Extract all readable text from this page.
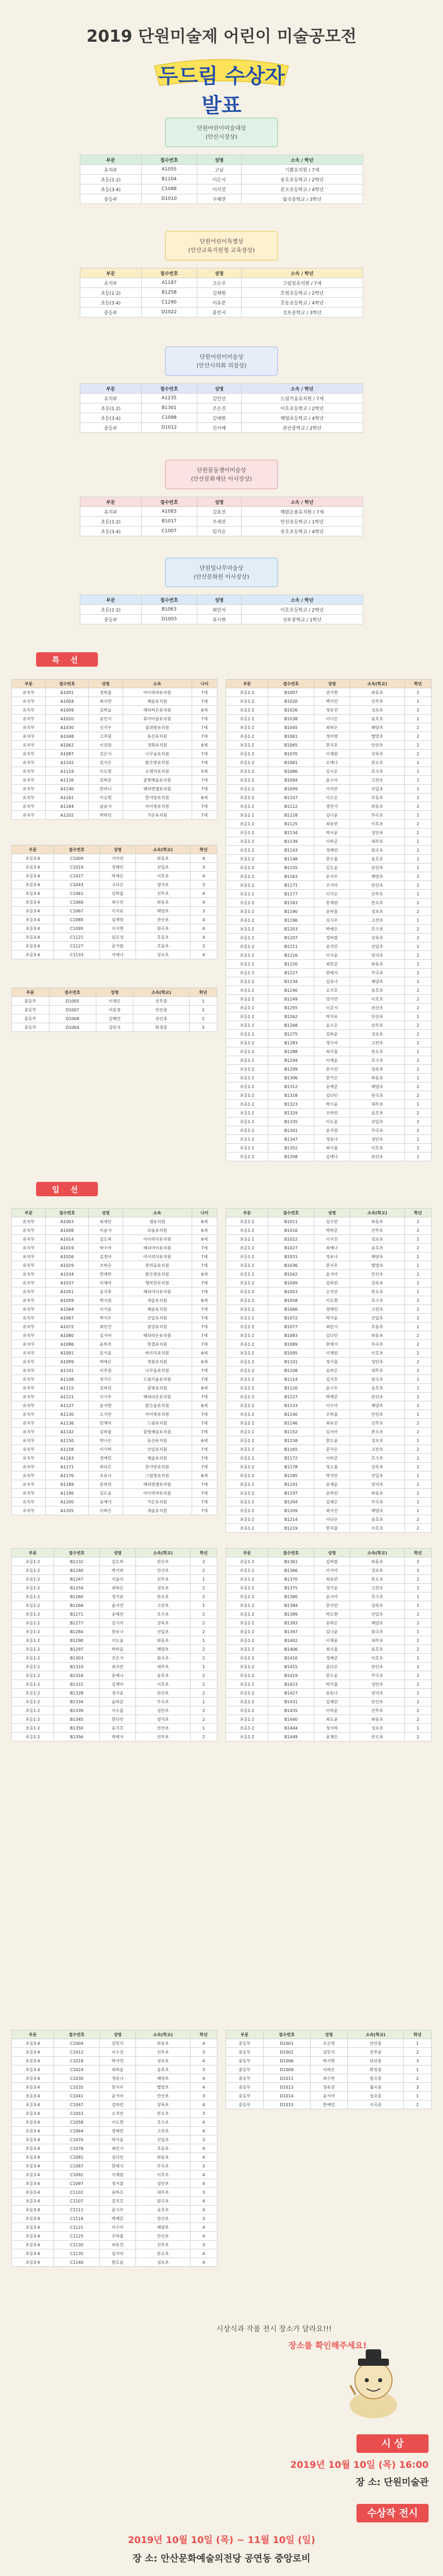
2019 단원미술제 어린이 미술공모전
두드림 수상자 발표
단원어린이미술대상
(안산시장상)
부문	접수번호	성명	소속 / 학년
유치부	A1055	고남	기쁨유치원 / 7세
초등(1·2)	B1104	이은서	송호초등학교 / 2학년
초등(3·4)	C1088	이서진	본오초등학교 / 4학년
중등부	D1010	구해연	월곡중학교 / 3학년
단원어린이특별상
(안산교육지원청 교육장상)
부문	접수번호	성명	소속 / 학년
유치부	A1187	고은주	그림빛유치원 / 7세
초등(1·2)	B1258	김채원	호원초등학교 / 2학년
초등(3·4)	C1290	이유준	호동초등학교 / 4학년
중등부	D1022	홍빈서	성포중학교 / 3학년
단원어린이미술상
(안산시의회 의장상)
부문	접수번호	성명	소속 / 학년
유치부	A1235	김민선	드림키움유치원 / 7세
초등(1·2)	B1301	조은진	이호초등학교 / 2학년
초등(3·4)	C1098	김예원	해양초등학교 / 4학년
중등부	D1012	진서예	관산중학교 / 2학년
단원꿈돌쟁이미술상
(안산문화재단 이사장상)
부문	접수번호	성명	소속 / 학년
유치부	A1083	김효진	해맑은솔유치원 / 7세
초등(1·2)	B1017	주세린	안산초등학교 / 1학년
초등(3·4)	C1007	임지은	송호초등학교 / 4학년
단원밀나무미술상
(안산문화원 이사장상)
부문	접수번호	성명	소속 / 학년
초등(1·2)	B1063	최민서	이호초등학교 / 2학년
중등부	D1003	류시현	선부중학교 / 1학년
특 선
부문	접수번호	성명	소속	나이
유치부	A1001	정하율	아이리버유치원	7세
유치부	A1004	최서연	해솔유치원	7세
유치부	A1009	김하늘	해피하은유치원	6세
유치부	A1020	송민지	휴미아꿈유치원	7세
유치부	A1030	신지우	꿈과빛유치원	7세
유치부	A1048	고주원	동산유치원	7세
유치부	A1062	이진원	정화유치원	6세
유치부	A1087	김은서	나무숲유치원	7세
유치부	A1102	김지은	밝은빛유치원	7세
유치부	A1119	이도현	오렌지유치원	5세
유치부	A1126	김하준	꿈빛해솔유치원	7세
유치부	A1140	한라니	해피엔젤유치원	7세
유치부	A1161	이승현	한사랑유치원	6세
유치부	A1184	남윤서	아이빛유치원	7세
유치부	A1202	박하린	가온유치원	7세
부문	접수번호	성명	소속(학교)	학년
초등3·4	C1009	서아린	와동초	4
초등3·4	C1019	정해인	선일초	3
초등3·4	C1027	박채은	이호초	4
초등3·4	C1043	고다은	양지초	3
초등3·4	C1061	김하율	선부초	4
초등3·4	C1066	최수인	와동초	4
초등3·4	C1067	이지유	해양초	3
초등3·4	C1085	김채원	관산초	4
초등3·4	C1095	이서현	원곡초	4
초등3·4	C1121	임은성	호동초	4
초등3·4	C1127	문가람	호동초	3
초등3·4	C1133	이예나	성포초	4
부문	접수번호	성명	소속(학교)	학년
중등부	D1005	이재은	선부중	1
중등부	D1007	이효경	안산중	2
중등부	D1008	김혜인	관산중	1
중등부	D1004	강민지	화정중	3
부문	접수번호	성명	소속(학교)	학년
초등1·2	B1007	권서현	와동초	2
초등1·2	B1020	백지민	선부초	1
초등1·2	B1026	정유진	성포초	2
초등1·2	B1038	이나은	송호초	1
초등1·2	B1045	최하은	해양초	2
초등1·2	B1061	정아영	별망초	2
초등1·2	B1065	한지후	안산초	1
초등1·2	B1070	이재원	상록초	2
초등1·2	B1081	오예나	본오초	2
초등1·2	B1086	김시온	호수초	1
초등1·2	B1094	윤수아	고잔초	2
초등1·2	B1099	서지안	선일초	1
초등1·2	B1107	이소은	호동초	2
초등1·2	B1112	장민서	와동초	2
초등1·2	B1118	김나윤	부곡초	1
초등1·2	B1125	최유빈	이호초	2
초등1·2	B1134	박서윤	성안초	2
초등1·2	B1139	이하준	대부초	1
초등1·2	B1143	정예린	원곡초	2
초등1·2	B1148	한소율	송호초	2
초등1·2	B1155	김도윤	관산초	1
초등1·2	B1163	문지우	해양초	2
초등1·2	B1171	조서아	안산초	2
초등1·2	B1177	이가은	선부초	1
초등1·2	B1183	홍채원	본오초	2
초등1·2	B1190	윤하율	성포초	2
초등1·2	B1196	김시우	고잔초	1
초등1·2	B1203	박예은	호수초	2
초등1·2	B1207	정하람	상록초	2
초등1·2	B1211	송지안	선일초	1
초등1·2	B1216	이서윤	양지초	2
초등1·2	B1220	최민준	와동초	2
초등1·2	B1227	한예서	부곡초	2
초등1·2	B1234	김유나	해양초	1
초등1·2	B1240	오지호	송호초	2
초등1·2	B1249	장서연	이호초	2
초등1·2	B1255	이준서	관산초	2
초등1·2	B1262	박지유	안산초	1
초등1·2	B1268	윤소은	선부초	2
초등1·2	B1275	김하윤	성포초	2
초등1·2	B1283	정수아	고잔초	2
초등1·2	B1288	최지율	본오초	1
초등1·2	B1294	이채윤	호수초	2
초등1·2	B1299	문서진	상록초	2
초등1·2	B1306	한가은	와동초	1
초등1·2	B1312	송예준	해양초	2
초등1·2	B1318	김다인	원곡초	2
초등1·2	B1323	박시윤	대부초	1
초등1·2	B1329	조하린	송호초	2
초등1·2	B1335	이도윤	선일초	2
초등1·2	B1341	윤지원	부곡초	2
초등1·2	B1347	정유나	성안초	1
초등1·2	B1352	최서율	이호초	2
초등1·2	B1358	김예나	관산초	2
입 선
부문	접수번호	성명	소속	나이
유치부	A1003	최채린	샘유치원	6세
유치부	A1008	이윤서	다솜유치원	6세
유치부	A1014	김도하	아이리더유치원	6세
유치부	A1019	박수아	해피아이유치원	7세
유치부	A1026	김정아	아이리더유치원	7세
유치부	A1029	조하은	꽃마을유치원	7세
유치부	A1034	한예빈	밝은빛유치원	6세
유치부	A1037	이채아	행복한유치원	7세
유치부	A1051	송지후	해피아이유치원	7세
유치부	A1059	박지원	새솔유치원	6세
유치부	A1064	이서윤	해솔유치원	7세
유치부	A1067	박지우	선일유치원	7세
유치부	A1072	최민건	중앙유치원	7세
유치부	A1080	김서아	해피라온유치원	7세
유치부	A1086	윤하진	한결유치원	7세
유치부	A1091	문서윤	바르미유치원	6세
유치부	A1099	박예은	정원유치원	6세
유치부	A1101	이주원	나무숲유치원	7세
유치부	A1108	정가은	드림키움유치원	7세
유치부	A1115	김하린	꿈빛유치원	6세
유치부	A1121	이시우	해피라온유치원	7세
유치부	A1127	윤서현	맑은솔유치원	6세
유치부	A1130	오지안	아이빛유치원	7세
유치부	A1136	한채아	드림유치원	7세
유치부	A1142	김하율	꿈빛해솔유치원	7세
유치부	A1150	박나은	동산유치원	6세
유치부	A1158	이서하	선일유치원	7세
유치부	A1163	정예린	해솔유치원	7세
유치부	A1171	최다은	한사랑유치원	7세
유치부	A1176	조유나	그림빛유치원	6세
유치부	A1189	문하린	해피엔젤유치원	7세
유치부	A1196	김도윤	아이리버유치원	7세
유치부	A1200	송예서	가온유치원	7세
유치부	A1205	이하은	새솔유치원	7세
부문	접수번호	성명	소속(학교)	학년
초등1·2	B1011	김수빈	와동초	2
초등1·2	B1016	박하준	선부초	2
초등1·2	B1022	이서진	성포초	1
초등1·2	B1027	최예나	송호초	2
초등1·2	B1031	정유나	해양초	2
초등1·2	B1036	한지우	별망초	1
초등1·2	B1042	윤서아	안산초	2
초등1·2	B1049	김하린	상록초	2
초등1·2	B1053	오지안	본오초	1
초등1·2	B1058	이도현	호수초	2
초등1·2	B1066	장예린	고잔초	2
초등1·2	B1072	박서윤	선일초	2
초등1·2	B1077	최민서	호동초	1
초등1·2	B1083	김다인	와동초	2
초등1·2	B1089	한예서	부곡초	2
초등1·2	B1095	이채원	이호초	1
초등1·2	B1101	정서율	성안초	2
초등1·2	B1108	송하은	대부초	2
초등1·2	B1114	김지호	원곡초	1
초등1·2	B1120	윤시우	송호초	2
초등1·2	B1127	박예준	관산초	2
초등1·2	B1133	이수아	해양초	2
초등1·2	B1140	조하율	안산초	1
초등1·2	B1146	최유진	선부초	2
초등1·2	B1152	김서아	본오초	2
초등1·2	B1158	한도윤	성포초	1
초등1·2	B1165	문가은	고잔초	2
초등1·2	B1172	이하준	호수초	2
초등1·2	B1178	정소율	상록초	2
초등1·2	B1185	박지안	선일초	1
초등1·2	B1191	송채윤	양지초	2
초등1·2	B1197	윤하린	와동초	2
초등1·2	B1204	김예은	부곡초	2
초등1·2	B1209	최서진	해양초	1
초등1·2	B1214	이다은	송호초	2
초등1·2	B1219	한지율	이호초	2
부문	접수번호	성명	소속(학교)	학년
초등1·2	B1232	김도하	관산초	2
초등1·2	B1240	박서하	안산초	2
초등1·2	B1247	이윤아	선부초	1
초등1·2	B1254	최하은	성포초	2
초등1·2	B1260	정지유	본오초	2
초등1·2	B1266	윤서연	고잔초	1
초등1·2	B1271	송예린	호수초	2
초등1·2	B1277	김시아	상록초	2
초등1·2	B1284	한유나	선일초	2
초등1·2	B1290	이도윤	와동초	1
초등1·2	B1297	박하윤	해양초	2
초등1·2	B1303	조은서	원곡초	2
초등1·2	B1310	최지안	대부초	1
초등1·2	B1316	문예나	송호초	2
초등1·2	B1322	김채아	이호초	2
초등1·2	B1328	정서윤	관산초	2
초등1·2	B1334	윤하준	부곡초	1
초등1·2	B1339	이소율	성안초	2
초등1·2	B1345	한다인	양지초	2
초등1·2	B1350	송지호	안산초	1
초등1·2	B1356	박예서	선부초	2
부문	접수번호	성명	소속(학교)	학년
초등1·2	B1361	김하람	와동초	2
초등1·2	B1366	이서아	성포초	1
초등1·2	B1370	최유빈	본오초	2
초등1·2	B1375	정가윤	고잔초	2
초등1·2	B1380	윤시아	호수초	1
초등1·2	B1384	한지민	상록초	2
초등1·2	B1389	박도현	선일초	2
초등1·2	B1393	송하은	해양초	2
초등1·2	B1397	김나윤	원곡초	1
초등1·2	B1402	이채윤	대부초	2
초등1·2	B1406	최서율	송호초	2
초등1·2	B1410	정예준	이호초	1
초등1·2	B1415	윤다은	관산초	2
초등1·2	B1419	한소윤	부곡초	2
초등1·2	B1423	박지율	성안초	2
초등1·2	B1427	송유나	양지초	1
초등1·2	B1431	김예린	안산초	2
초등1·2	B1435	이하윤	선부초	2
초등1·2	B1440	최도윤	와동초	2
초등1·2	B1444	정서하	성포초	1
초등1·2	B1449	윤채은	본오초	2
부문	접수번호	성명	소속(학교)	학년
초등3·4	C1004	김민지	와동초	4
초등3·4	C1012	이수진	선부초	3
초등3·4	C1018	박서연	성포초	4
초등3·4	C1024	최하윤	송호초	3
초등3·4	C1030	정유나	해양초	4
초등3·4	C1035	한지우	별망초	4
초등3·4	C1041	윤서아	안산초	3
초등3·4	C1047	김하린	상록초	4
초등3·4	C1053	오지안	본오초	3
초등3·4	C1058	이도현	호수초	4
초등3·4	C1064	장예린	고잔초	4
초등3·4	C1070	박서윤	선일초	3
초등3·4	C1076	최민서	호동초	4
초등3·4	C1081	김다인	와동초	4
초등3·4	C1087	한예서	부곡초	3
초등3·4	C1092	이채원	이호초	4
초등3·4	C1097	정서율	성안초	4
초등3·4	C1102	송하은	대부초	3
초등3·4	C1107	김지호	원곡초	4
초등3·4	C1111	윤시우	송호초	4
초등3·4	C1116	박예준	관산초	3
초등3·4	C1121	이수아	해양초	4
초등3·4	C1125	조하율	안산초	4
초등3·4	C1130	최유진	선부초	3
초등3·4	C1135	김서아	본오초	4
초등3·4	C1140	한도윤	성포초	4
부문	접수번호	성명	소속(학교)	학년
중등부	D1001	조은영	안산중	1
중등부	D1002	김민지	선부중	2
중등부	D1006	박서현	관산중	3
중등부	D1009	이하은	화정중	1
중등부	D1011	최수빈	원곡중	2
중등부	D1013	정유진	월곡중	3
중등부	D1014	윤서아	성포중	1
중등부	D1015	한예린	시곡중	2
시상식과 작품 전시 장소가 달라요!!!
장소를 확인해주세요!
시 상
2019년 10월 10일 (목) 16:00
장 소: 단원미술관
수상작 전시
2019년 10월 10일 (목) ~ 11월 10일 (일)
장 소: 안산문화예술의전당 공연동 중앙로비
